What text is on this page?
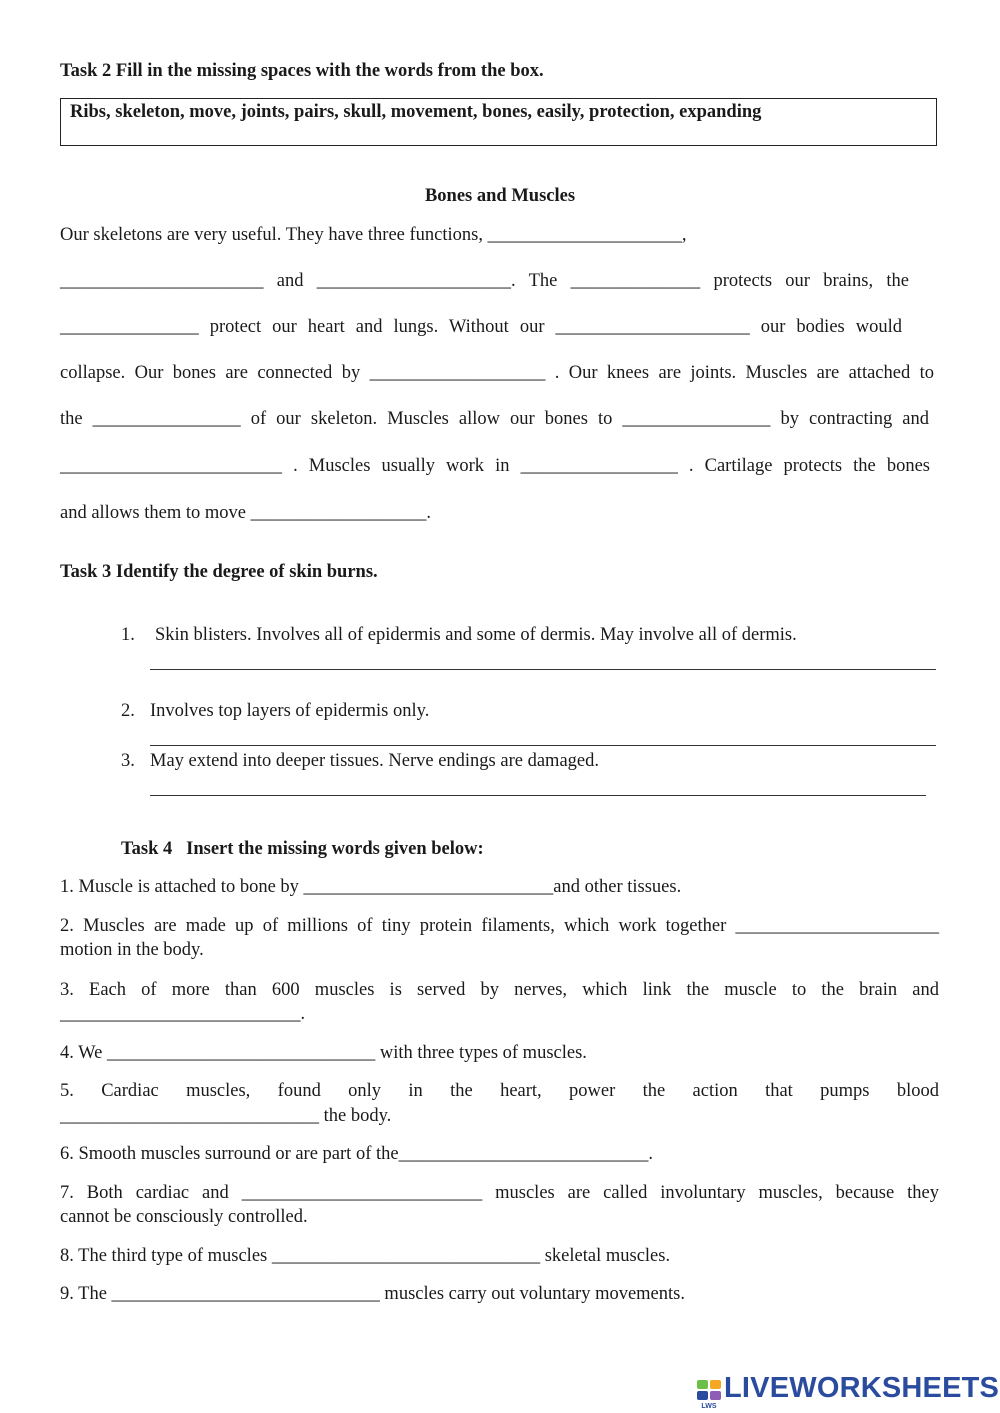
Task 2 Fill in the missing spaces with the words from the box.
Ribs, skeleton, move, joints, pairs, skull, movement, bones, easily, protection, expanding
Bones and Muscles
Our skeletons are very useful. They have three functions, _____________________,
______________________ and _____________________. The ______________ protects our brains, the
_______________ protect our heart and lungs. Without our _____________________ our bodies would
collapse. Our bones are connected by ___________________ . Our knees are joints. Muscles are attached to
the ________________ of our skeleton. Muscles allow our bones to ________________ by contracting and
________________________ . Muscles usually work in _________________ . Cartilage protects the bones
and allows them to move ___________________.
Task 3 Identify the degree of skin burns.
1. Skin blisters. Involves all of epidermis and some of dermis. May involve all of dermis.
2. Involves top layers of epidermis only.
3. May extend into deeper tissues. Nerve endings are damaged.
Task 4   Insert the missing words given below:
1. Muscle is attached to bone by ___________________________and other tissues.
2. Muscles are made up of millions of tiny protein filaments, which work together ______________________
motion in the body.
3. Each of more than 600 muscles is served by nerves, which link the muscle to the brain and
__________________________.
4. We _____________________________ with three types of muscles.
5. Cardiac muscles, found only in the heart, power the action that pumps blood
____________________________ the body.
6. Smooth muscles surround or are part of the___________________________.
7. Both cardiac and __________________________ muscles are called involuntary muscles, because they
cannot be consciously controlled.
8. The third type of muscles _____________________________ skeletal muscles.
9. The _____________________________ muscles carry out voluntary movements.
LWS
LIVEWORKSHEETS
